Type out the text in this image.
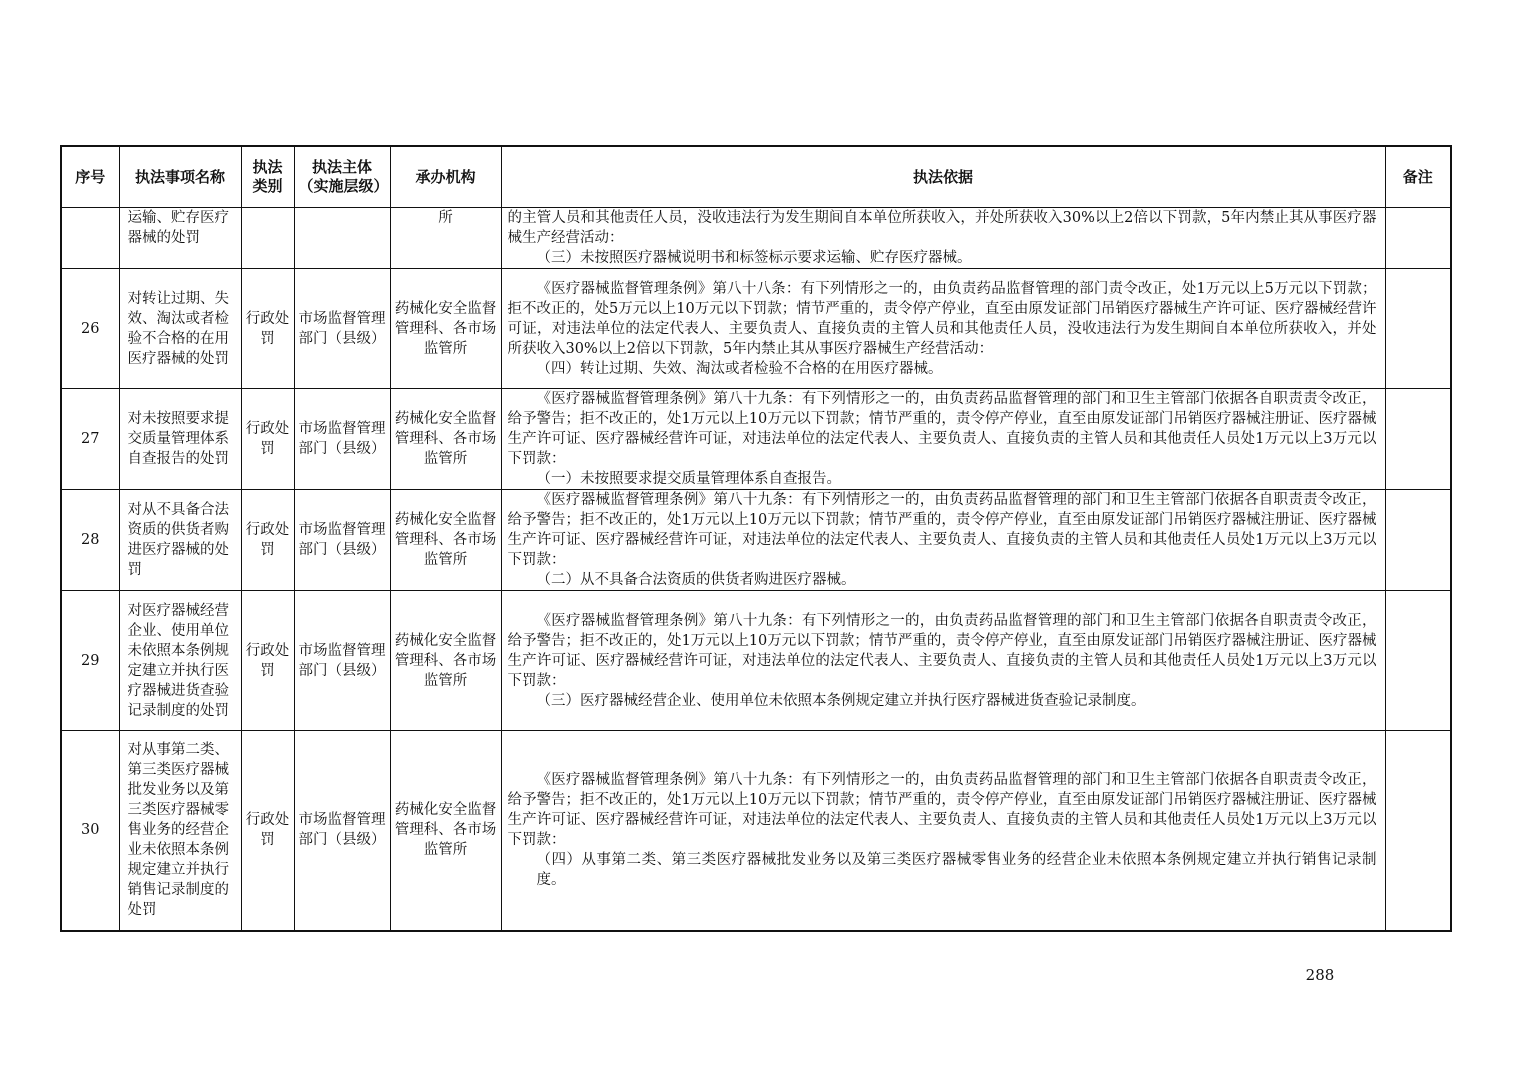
序号	执法事项名称	执法类别	执法主体（实施层级）	承办机构	执法依据	备注
	运输、贮存医疗器械的处罚			所	的主管人员和其他责任人员，没收违法行为发生期间自本单位所获收入，并处所获收入30%以上2倍以下罚款，5年内禁止其从事医疗器械生产经营活动：
（三）未按照医疗器械说明书和标签标示要求运输、贮存医疗器械。	

26	对转让过期、失效、淘汰或者检验不合格的在用医疗器械的处罚	行政处罚	市场监督管理部门（县级）	药械化安全监督管理科、各市场监管所	《医疗器械监督管理条例》第八十八条：有下列情形之一的，由负责药品监督管理的部门责令改正，处1万元以上5万元以下罚款；拒不改正的，处5万元以上10万元以下罚款；情节严重的，责令停产停业，直至由原发证部门吊销医疗器械生产许可证、医疗器械经营许可证，对违法单位的法定代表人、主要负责人、直接负责的主管人员和其他责任人员，没收违法行为发生期间自本单位所获收入，并处所获收入30%以上2倍以下罚款，5年内禁止其从事医疗器械生产经营活动：
（四）转让过期、失效、淘汰或者检验不合格的在用医疗器械。	

27	对未按照要求提交质量管理体系自查报告的处罚	行政处罚	市场监督管理部门（县级）	药械化安全监督管理科、各市场监管所	《医疗器械监督管理条例》第八十九条：有下列情形之一的，由负责药品监督管理的部门和卫生主管部门依据各自职责责令改正，给予警告；拒不改正的，处1万元以上10万元以下罚款；情节严重的，责令停产停业，直至由原发证部门吊销医疗器械注册证、医疗器械生产许可证、医疗器械经营许可证，对违法单位的法定代表人、主要负责人、直接负责的主管人员和其他责任人员处1万元以上3万元以下罚款：
（一）未按照要求提交质量管理体系自查报告。	

28	对从不具备合法资质的供货者购进医疗器械的处罚	行政处罚	市场监督管理部门（县级）	药械化安全监督管理科、各市场监管所	《医疗器械监督管理条例》第八十九条：有下列情形之一的，由负责药品监督管理的部门和卫生主管部门依据各自职责责令改正，给予警告；拒不改正的，处1万元以上10万元以下罚款；情节严重的，责令停产停业，直至由原发证部门吊销医疗器械注册证、医疗器械生产许可证、医疗器械经营许可证，对违法单位的法定代表人、主要负责人、直接负责的主管人员和其他责任人员处1万元以上3万元以下罚款：
（二）从不具备合法资质的供货者购进医疗器械。	

29	对医疗器械经营企业、使用单位未依照本条例规定建立并执行医疗器械进货查验记录制度的处罚	行政处罚	市场监督管理部门（县级）	药械化安全监督管理科、各市场监管所	《医疗器械监督管理条例》第八十九条：有下列情形之一的，由负责药品监督管理的部门和卫生主管部门依据各自职责责令改正，给予警告；拒不改正的，处1万元以上10万元以下罚款；情节严重的，责令停产停业，直至由原发证部门吊销医疗器械注册证、医疗器械生产许可证、医疗器械经营许可证，对违法单位的法定代表人、主要负责人、直接负责的主管人员和其他责任人员处1万元以上3万元以下罚款：
（三）医疗器械经营企业、使用单位未依照本条例规定建立并执行医疗器械进货查验记录制度。	

30	对从事第二类、第三类医疗器械批发业务以及第三类医疗器械零售业务的经营企业未依照本条例规定建立并执行销售记录制度的处罚	行政处罚	市场监督管理部门（县级）	药械化安全监督管理科、各市场监管所	《医疗器械监督管理条例》第八十九条：有下列情形之一的，由负责药品监督管理的部门和卫生主管部门依据各自职责责令改正，给予警告；拒不改正的，处1万元以上10万元以下罚款；情节严重的，责令停产停业，直至由原发证部门吊销医疗器械注册证、医疗器械生产许可证、医疗器械经营许可证，对违法单位的法定代表人、主要负责人、直接负责的主管人员和其他责任人员处1万元以上3万元以下罚款：
（四）从事第二类、第三类医疗器械批发业务以及第三类医疗器械零售业务的经营企业未依照本条例规定建立并执行销售记录制度。	

288
